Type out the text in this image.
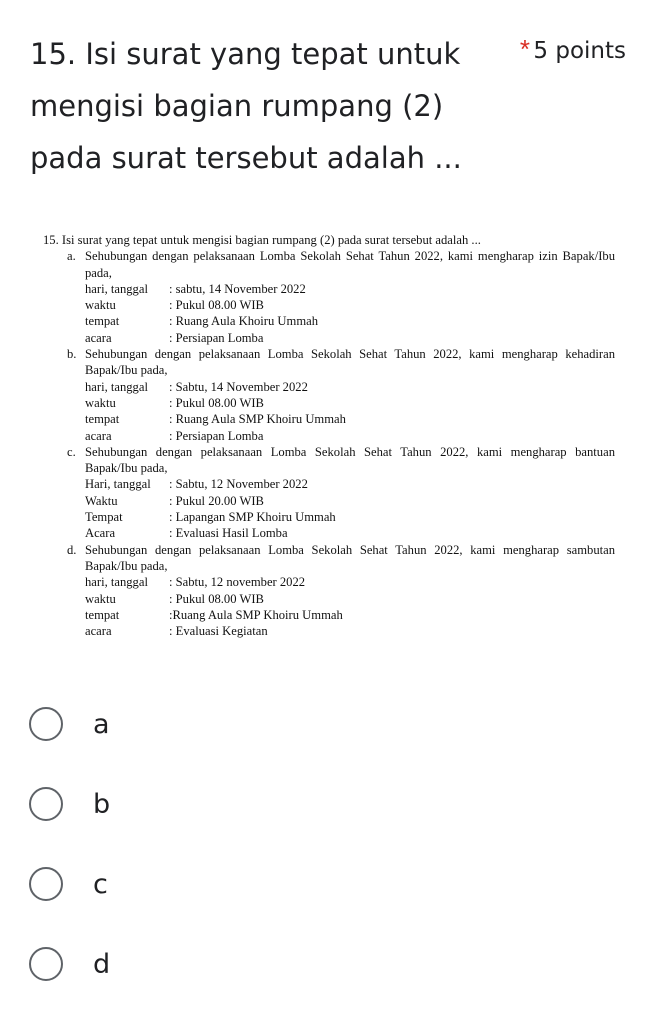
15. Isi surat yang tepat untuk mengisi bagian rumpang (2) pada surat tersebut adalah ...
* 5 points
15. Isi surat yang tepat untuk mengisi bagian rumpang (2) pada surat tersebut adalah ...
a. Sehubungan dengan pelaksanaan Lomba Sekolah Sehat Tahun 2022, kami mengharap izin Bapak/Ibu pada,
hari, tanggal	: sabtu, 14 November 2022
waktu	: Pukul 08.00 WIB
tempat	: Ruang Aula Khoiru Ummah
acara	: Persiapan Lomba
b. Sehubungan dengan pelaksanaan Lomba Sekolah Sehat Tahun 2022, kami mengharap kehadiran Bapak/Ibu pada,
hari, tanggal	: Sabtu, 14 November 2022
waktu	: Pukul 08.00 WIB
tempat	: Ruang Aula SMP Khoiru Ummah
acara	: Persiapan Lomba
c. Sehubungan dengan pelaksanaan Lomba Sekolah Sehat Tahun 2022, kami mengharap bantuan Bapak/Ibu pada,
Hari, tanggal	: Sabtu, 12 November 2022
Waktu	: Pukul 20.00 WIB
Tempat	: Lapangan SMP Khoiru Ummah
Acara	: Evaluasi Hasil Lomba
d. Sehubungan dengan pelaksanaan Lomba Sekolah Sehat Tahun 2022, kami mengharap sambutan Bapak/Ibu pada,
hari, tanggal	: Sabtu, 12 november 2022
waktu	: Pukul 08.00 WIB
tempat	:Ruang Aula SMP Khoiru Ummah
acara	: Evaluasi Kegiatan
a
b
c
d
